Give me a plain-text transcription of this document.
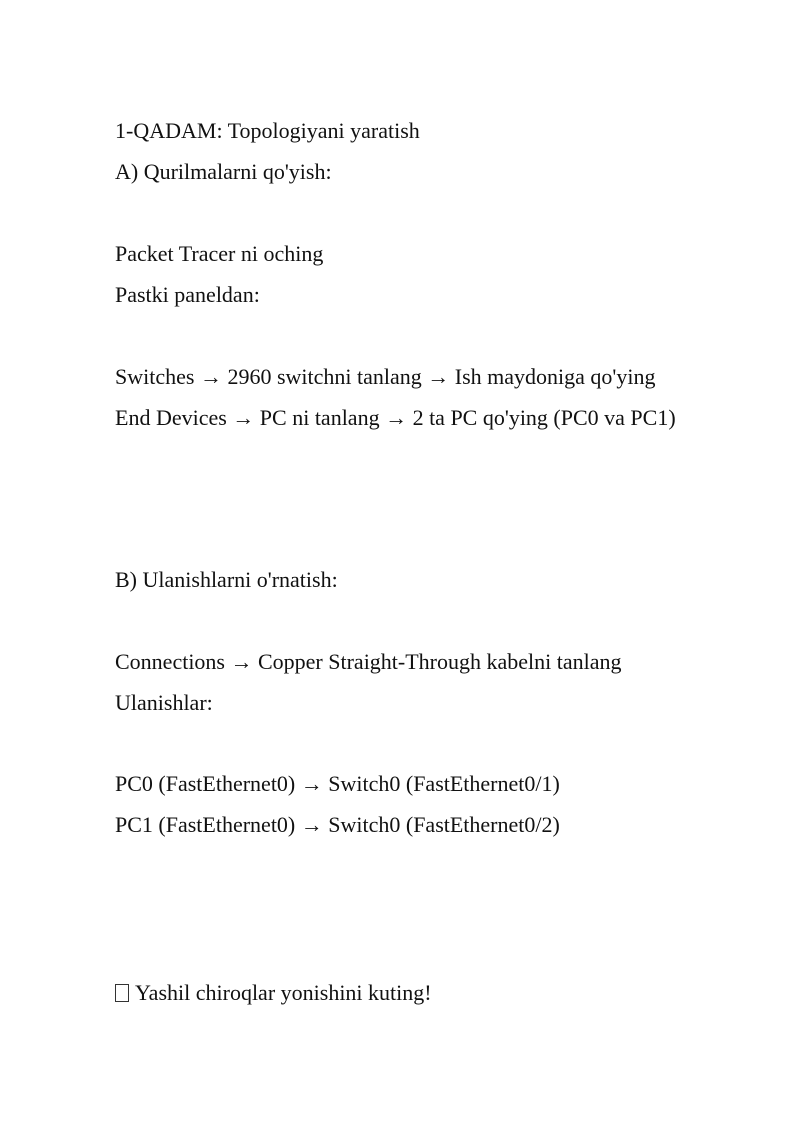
1-QADAM: Topologiyani yaratish
A) Qurilmalarni qo'yish:
Packet Tracer ni oching
Pastki paneldan:
Switches → 2960 switchni tanlang → Ish maydoniga qo'ying
End Devices → PC ni tanlang → 2 ta PC qo'ying (PC0 va PC1)
B) Ulanishlarni o'rnatish:
Connections → Copper Straight-Through kabelni tanlang
Ulanishlar:
PC0 (FastEthernet0) → Switch0 (FastEthernet0/1)
PC1 (FastEthernet0) → Switch0 (FastEthernet0/2)
Yashil chiroqlar yonishini kuting!
